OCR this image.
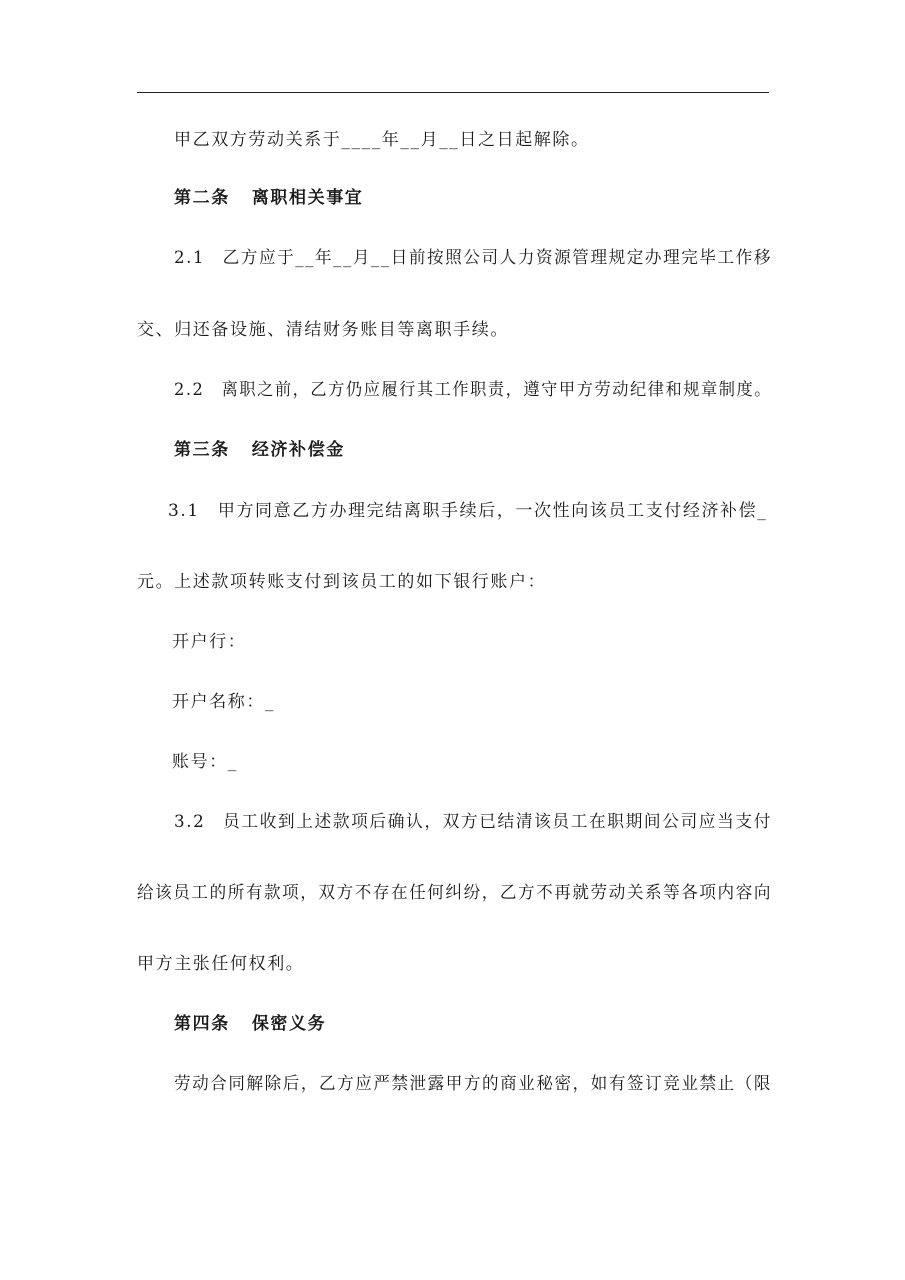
甲乙双方劳动关系于____年__月__日之日起解除。
第二条 离职相关事宜
2.1 乙方应于__年__月__日前按照公司人力资源管理规定办理完毕工作移
交、归还备设施、清结财务账目等离职手续。
2.2 离职之前，乙方仍应履行其工作职责，遵守甲方劳动纪律和规章制度。
第三条 经济补偿金
3.1 甲方同意乙方办理完结离职手续后，一次性向该员工支付经济补偿_
元。上述款项转账支付到该员工的如下银行账户：
开户行：
开户名称：_
账号：_
3.2 员工收到上述款项后确认，双方已结清该员工在职期间公司应当支付
给该员工的所有款项，双方不存在任何纠纷，乙方不再就劳动关系等各项内容向
甲方主张任何权利。
第四条 保密义务
劳动合同解除后，乙方应严禁泄露甲方的商业秘密，如有签订竞业禁止（限
